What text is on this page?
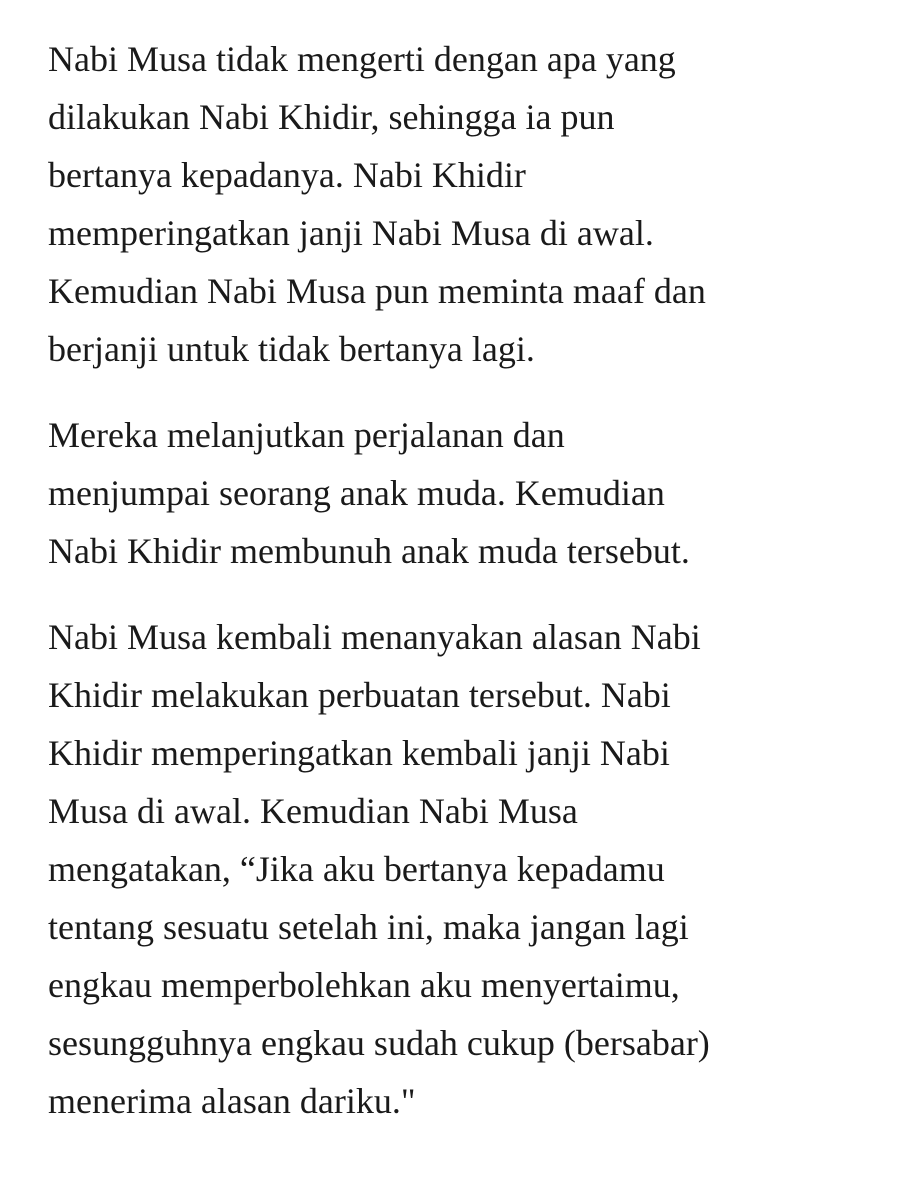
Nabi Musa tidak mengerti dengan apa yang
dilakukan Nabi Khidir, sehingga ia pun
bertanya kepadanya. Nabi Khidir
memperingatkan janji Nabi Musa di awal.
Kemudian Nabi Musa pun meminta maaf dan
berjanji untuk tidak bertanya lagi.

Mereka melanjutkan perjalanan dan
menjumpai seorang anak muda. Kemudian
Nabi Khidir membunuh anak muda tersebut.

Nabi Musa kembali menanyakan alasan Nabi
Khidir melakukan perbuatan tersebut. Nabi
Khidir memperingatkan kembali janji Nabi
Musa di awal. Kemudian Nabi Musa
mengatakan, “Jika aku bertanya kepadamu
tentang sesuatu setelah ini, maka jangan lagi
engkau memperbolehkan aku menyertaimu,
sesungguhnya engkau sudah cukup (bersabar)
menerima alasan dariku."
